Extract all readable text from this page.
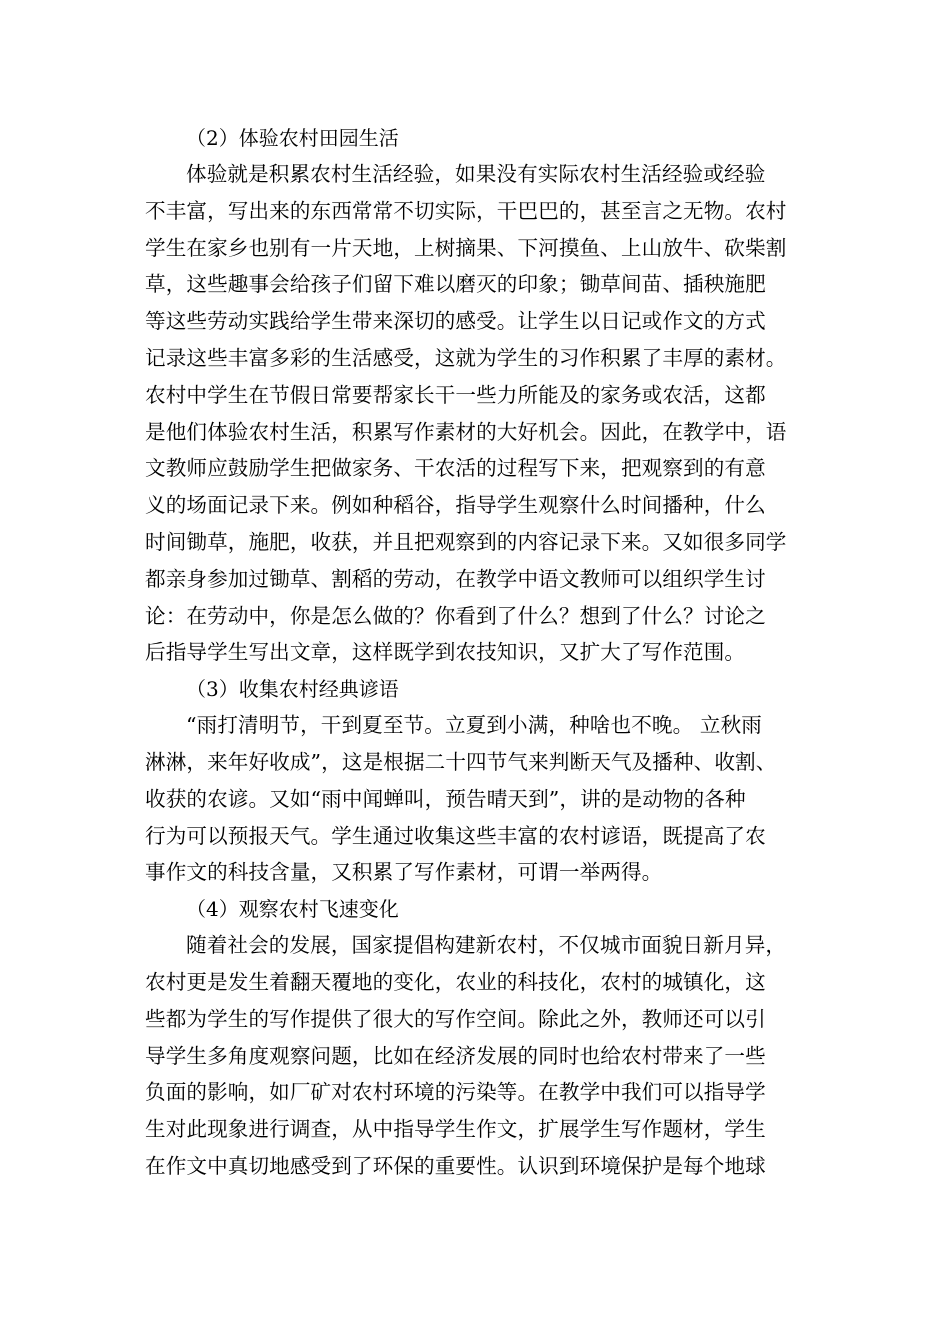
（2）体验农村田园生活

体验就是积累农村生活经验，如果没有实际农村生活经验或经验

不丰富，写出来的东西常常不切实际，干巴巴的，甚至言之无物。农村

学生在家乡也别有一片天地，上树摘果、下河摸鱼、上山放牛、砍柴割

草，这些趣事会给孩子们留下难以磨灭的印象；锄草间苗、插秧施肥

等这些劳动实践给学生带来深切的感受。让学生以日记或作文的方式

记录这些丰富多彩的生活感受，这就为学生的习作积累了丰厚的素材。

农村中学生在节假日常要帮家长干一些力所能及的家务或农活，这都

是他们体验农村生活，积累写作素材的大好机会。因此，在教学中，语

文教师应鼓励学生把做家务、干农活的过程写下来，把观察到的有意

义的场面记录下来。例如种稻谷，指导学生观察什么时间播种，什么

时间锄草，施肥，收获，并且把观察到的内容记录下来。又如很多同学

都亲身参加过锄草、割稻的劳动，在教学中语文教师可以组织学生讨

论：在劳动中，你是怎么做的？你看到了什么？想到了什么？讨论之

后指导学生写出文章，这样既学到农技知识，又扩大了写作范围。

（3）收集农村经典谚语

“雨打清明节，干到夏至节。立夏到小满，种啥也不晚。 立秋雨

淋淋，来年好收成”，这是根据二十四节气来判断天气及播种、收割、

收获的农谚。又如“雨中闻蝉叫，预告晴天到”，讲的是动物的各种

行为可以预报天气。学生通过收集这些丰富的农村谚语，既提高了农

事作文的科技含量，又积累了写作素材，可谓一举两得。

（4）观察农村飞速变化

随着社会的发展，国家提倡构建新农村，不仅城市面貌日新月异，

农村更是发生着翻天覆地的变化，农业的科技化，农村的城镇化，这

些都为学生的写作提供了很大的写作空间。除此之外，教师还可以引

导学生多角度观察问题，比如在经济发展的同时也给农村带来了一些

负面的影响，如厂矿对农村环境的污染等。在教学中我们可以指导学

生对此现象进行调查，从中指导学生作文，扩展学生写作题材，学生

在作文中真切地感受到了环保的重要性。认识到环境保护是每个地球
